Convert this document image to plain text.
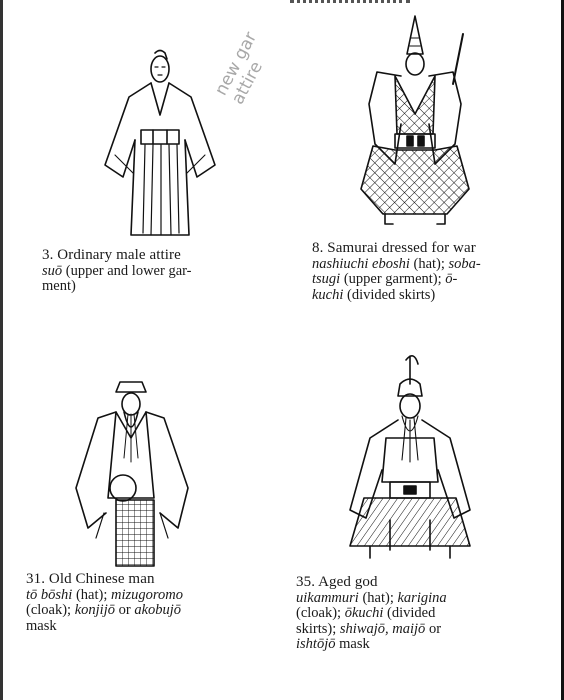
3. Ordinary male attire
suō (upper and lower gar-
ment)
8. Samurai dressed for war
nashiuchi eboshi (hat); soba-
tsugi (upper garment); ō-
kuchi (divided skirts)
31. Old Chinese man
tō bōshi (hat); mizugoromo
(cloak); konjijō or akobujō
mask
35. Aged god
uikammuri (hat); karigina
(cloak); ōkuchi (divided
skirts); shiwajō, maijō or
ishtōjō mask
new gar
attire
